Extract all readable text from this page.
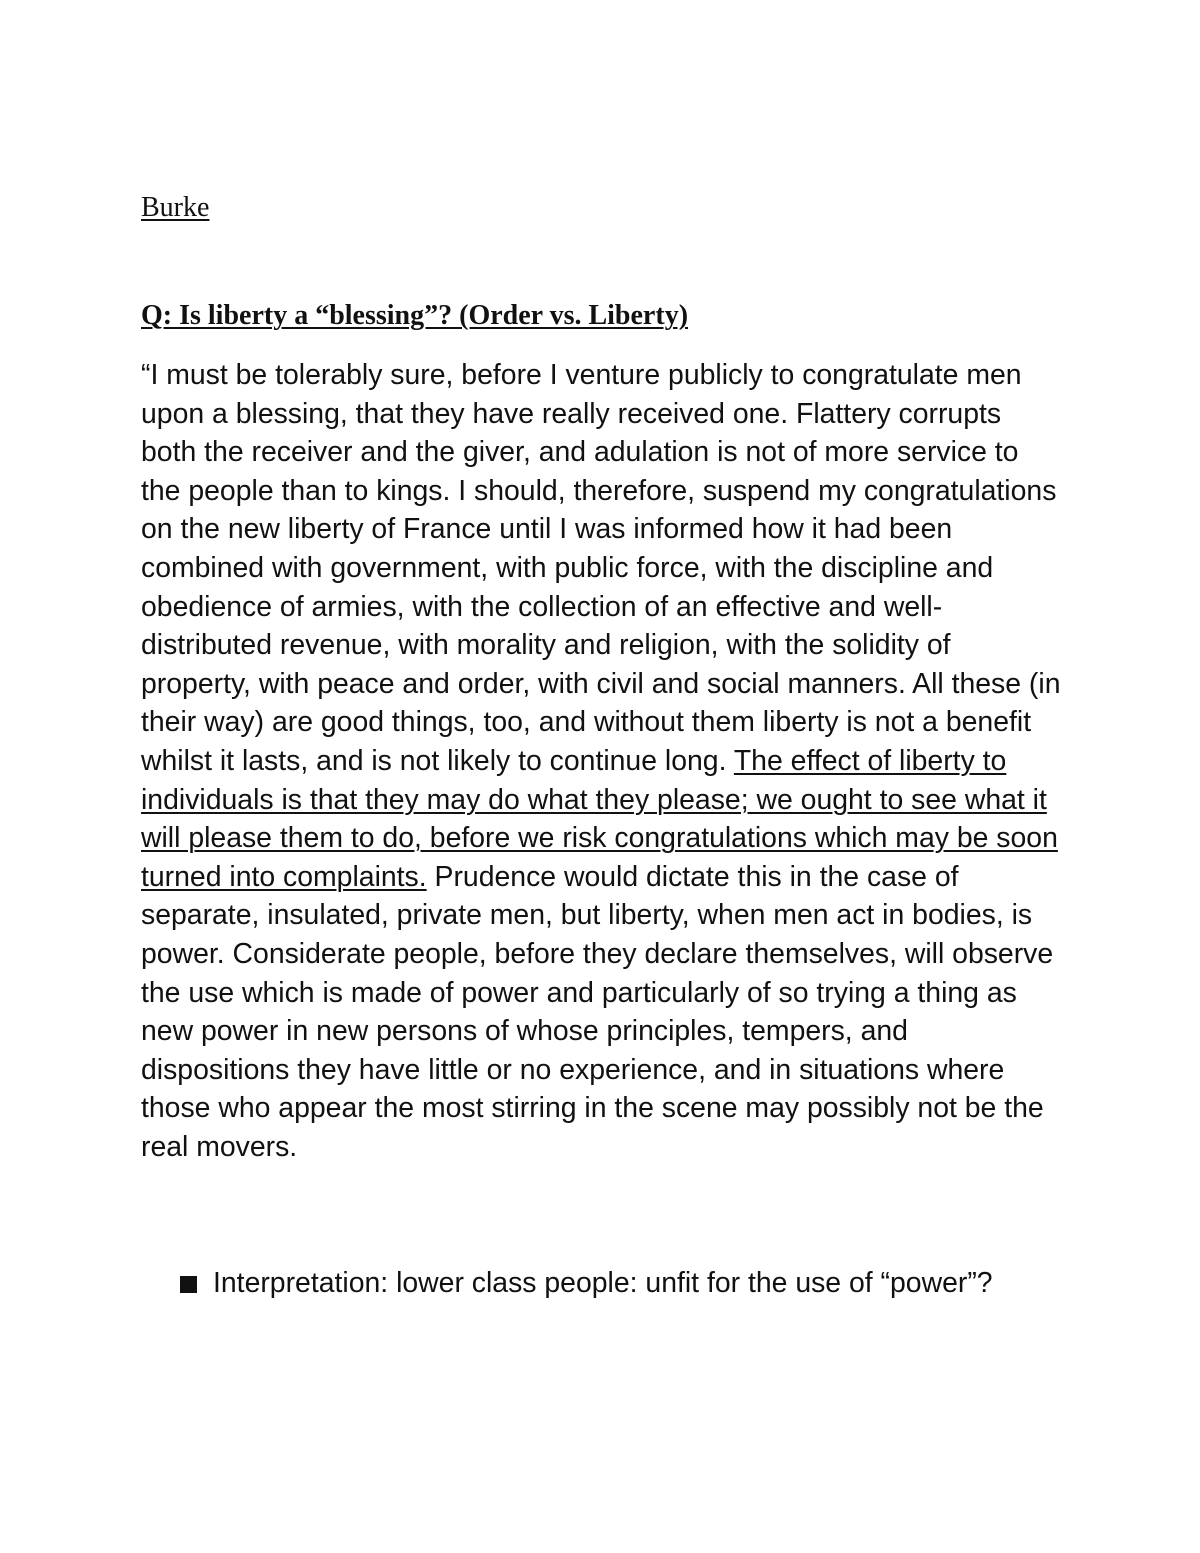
Burke
Q: Is liberty a “blessing”? (Order vs. Liberty)

“I must be tolerably sure, before I venture publicly to congratulate men upon a blessing, that they have really received one. Flattery corrupts both the receiver and the giver, and adulation is not of more service to the people than to kings. I should, therefore, suspend my congratulations on the new liberty of France until I was informed how it had been combined with government, with public force, with the discipline and obedience of armies, with the collection of an effective and well-distributed revenue, with morality and religion, with the solidity of property, with peace and order, with civil and social manners. All these (in their way) are good things, too, and without them liberty is not a benefit whilst it lasts, and is not likely to continue long. The effect of liberty to individuals is that they may do what they please; we ought to see what it will please them to do, before we risk congratulations which may be soon turned into complaints. Prudence would dictate this in the case of separate, insulated, private men, but liberty, when men act in bodies, is power. Considerate people, before they declare themselves, will observe the use which is made of power and particularly of so trying a thing as new power in new persons of whose principles, tempers, and dispositions they have little or no experience, and in situations where those who appear the most stirring in the scene may possibly not be the real movers.

Interpretation: lower class people: unfit for the use of “power”?
